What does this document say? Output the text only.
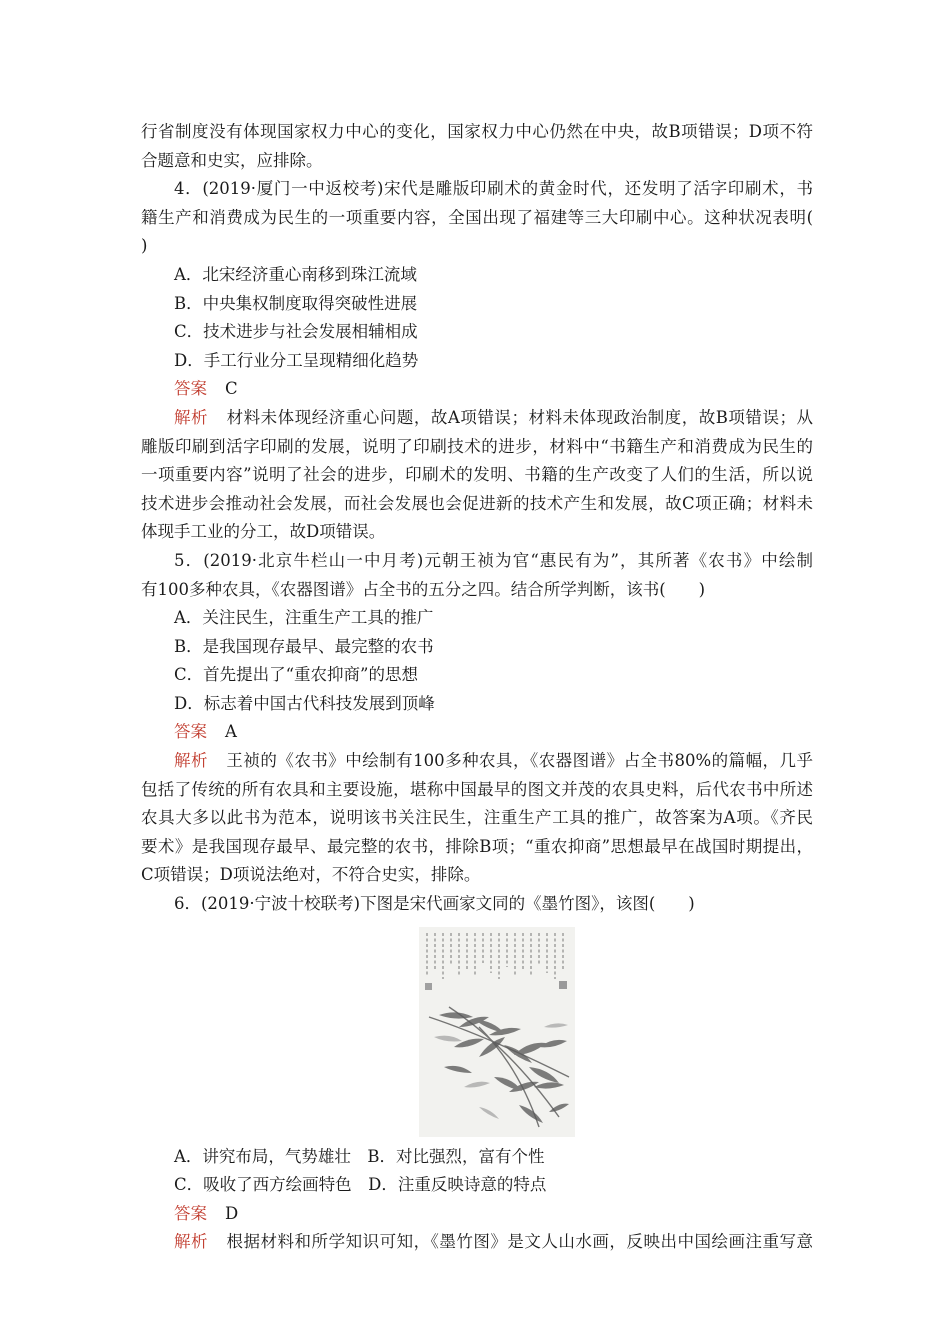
行省制度没有体现国家权力中心的变化，国家权力中心仍然在中央，故B项错误；D项不符
合题意和史实，应排除。
4．(2019·厦门一中返校考)宋代是雕版印刷术的黄金时代，还发明了活字印刷术，书
籍生产和消费成为民生的一项重要内容，全国出现了福建等三大印刷中心。这种状况表明(
)
A．北宋经济重心南移到珠江流域
B．中央集权制度取得突破性进展
C．技术进步与社会发展相辅相成
D．手工行业分工呈现精细化趋势
答案 C
解析 材料未体现经济重心问题，故A项错误；材料未体现政治制度，故B项错误；从
雕版印刷到活字印刷的发展，说明了印刷技术的进步，材料中“书籍生产和消费成为民生的
一项重要内容”说明了社会的进步，印刷术的发明、书籍的生产改变了人们的生活，所以说
技术进步会推动社会发展，而社会发展也会促进新的技术产生和发展，故C项正确；材料未
体现手工业的分工，故D项错误。
5．(2019·北京牛栏山一中月考)元朝王祯为官“惠民有为”，其所著《农书》中绘制
有100多种农具，《农器图谱》占全书的五分之四。结合所学判断，该书(　　)
A．关注民生，注重生产工具的推广
B．是我国现存最早、最完整的农书
C．首先提出了“重农抑商”的思想
D．标志着中国古代科技发展到顶峰
答案 A
解析 王祯的《农书》中绘制有100多种农具，《农器图谱》占全书80%的篇幅，几乎
包括了传统的所有农具和主要设施，堪称中国最早的图文并茂的农具史料，后代农书中所述
农具大多以此书为范本，说明该书关注民生，注重生产工具的推广，故答案为A项。《齐民
要术》是我国现存最早、最完整的农书，排除B项；“重农抑商”思想最早在战国时期提出，
C项错误；D项说法绝对，不符合史实，排除。
6．(2019·宁波十校联考)下图是宋代画家文同的《墨竹图》，该图(　　)
A．讲究布局，气势雄壮　B．对比强烈，富有个性
C．吸收了西方绘画特色　D．注重反映诗意的特点
答案 D
解析 根据材料和所学知识可知，《墨竹图》是文人山水画，反映出中国绘画注重写意
